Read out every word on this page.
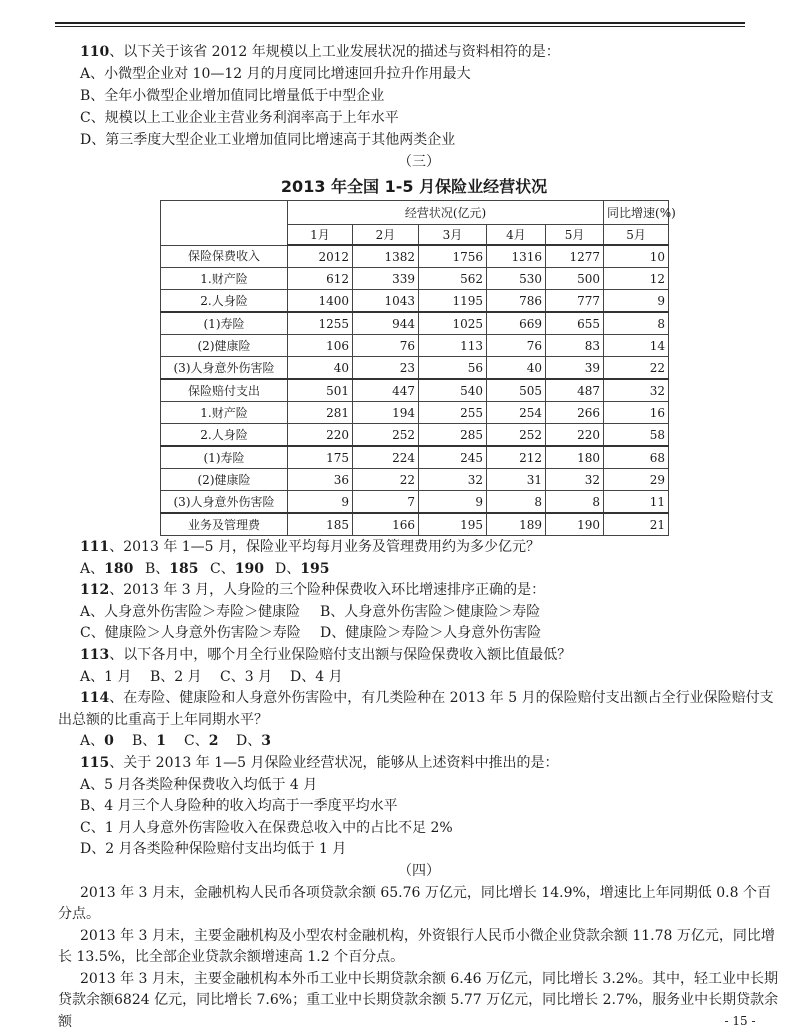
110、以下关于该省 2012 年规模以上工业发展状况的描述与资料相符的是：

A、小微型企业对 10—12 月的月度同比增速回升拉升作用最大

B、全年小微型企业增加值同比增量低于中型企业

C、规模以上工业企业主营业务利润率高于上年水平

D、第三季度大型企业工业增加值同比增速高于其他两类企业

（三）

2013 年全国 1-5 月保险业经营状况
	经营状况(亿元)					同比增速(%)
	1月	2月	3月	4月	5月	5月
保险保费收入	2012	1382	1756	1316	1277	10
1.财产险	612	339	562	530	500	12
2.人身险	1400	1043	1195	786	777	9
(1)寿险	1255	944	1025	669	655	8
(2)健康险	106	76	113	76	83	14
(3)人身意外伤害险	40	23	56	40	39	22
保险赔付支出	501	447	540	505	487	32
1.财产险	281	194	255	254	266	16
2.人身险	220	252	285	252	220	58
(1)寿险	175	224	245	212	180	68
(2)健康险	36	22	32	31	32	29
(3)人身意外伤害险	9	7	9	8	8	11
业务及管理费	185	166	195	189	190	21

111、2013 年 1—5 月，保险业平均每月业务及管理费用约为多少亿元？

A、180 B、185 C、190 D、195

112、2013 年 3 月，人身险的三个险种保费收入环比增速排序正确的是：

A、人身意外伤害险＞寿险＞健康险 B、人身意外伤害险＞健康险＞寿险

C、健康险＞人身意外伤害险＞寿险 D、健康险＞寿险＞人身意外伤害险

113、以下各月中，哪个月全行业保险赔付支出额与保险保费收入额比值最低？

A、1 月 B、2 月 C、3 月 D、4 月

114、在寿险、健康险和人身意外伤害险中，有几类险种在 2013 年 5 月的保险赔付支出额占全行业保险赔付支出总额的比重高于上年同期水平？

A、0 B、1 C、2 D、3

115、关于 2013 年 1—5 月保险业经营状况，能够从上述资料中推出的是：

A、5 月各类险种保费收入均低于 4 月

B、4 月三个人身险种的收入均高于一季度平均水平

C、1 月人身意外伤害险收入在保费总收入中的占比不足 2%

D、2 月各类险种保险赔付支出均低于 1 月

（四）

2013 年 3 月末，金融机构人民币各项贷款余额 65.76 万亿元，同比增长 14.9%，增速比上年同期低 0.8 个百分点。

2013 年 3 月末，主要金融机构及小型农村金融机构，外资银行人民币小微企业贷款余额 11.78 万亿元，同比增长 13.5%，比全部企业贷款余额增速高 1.2 个百分点。

2013 年 3 月末，主要金融机构本外币工业中长期贷款余额 6.46 万亿元，同比增长 3.2%。其中，轻工业中长期贷款余额6824 亿元，同比增长 7.6%；重工业中长期贷款余额 5.77 万亿元，同比增长 2.7%，服务业中长期贷款余额	- 15 -
